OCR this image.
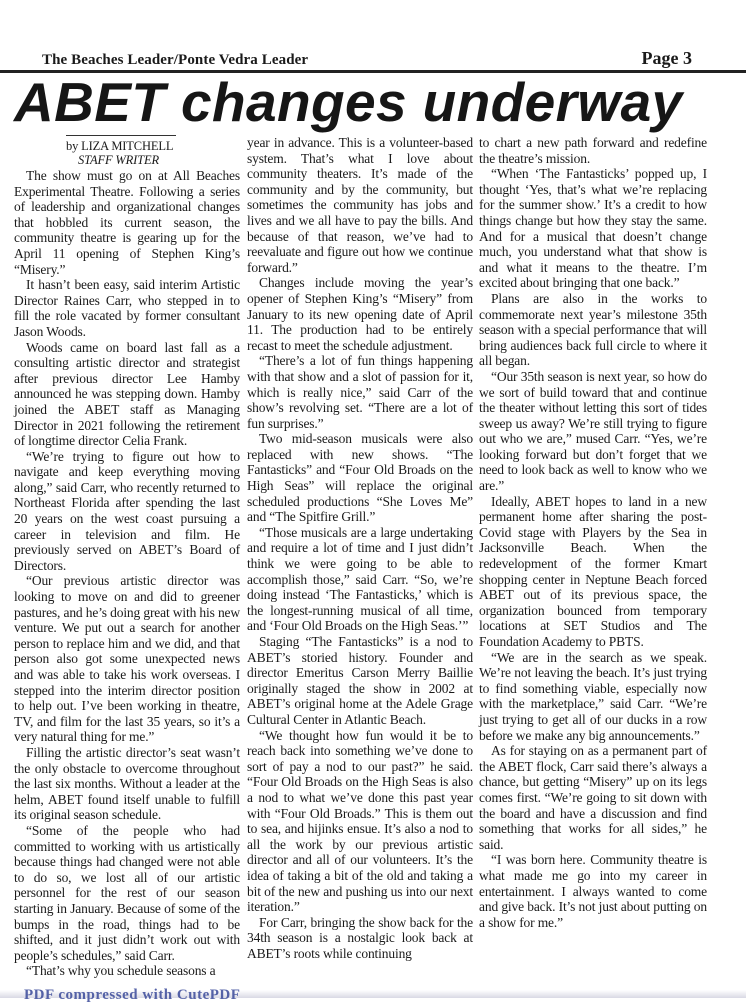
The Beaches Leader/Ponte Vedra Leader	Page 3
ABET changes underway
by LIZA MITCHELL
STAFF WRITER

The show must go on at All Beaches Experimental Theatre. Following a series of leadership and organizational changes that hobbled its current season, the community theatre is gearing up for the April 11 opening of Stephen King’s “Misery.”

It hasn’t been easy, said interim Artistic Director Raines Carr, who stepped in to fill the role vacated by former consultant Jason Woods.

Woods came on board last fall as a consulting artistic director and strategist after previous director Lee Hamby announced he was stepping down. Hamby joined the ABET staff as Managing Director in 2021 following the retirement of longtime director Celia Frank.

“We’re trying to figure out how to navigate and keep everything moving along,” said Carr, who recently returned to Northeast Florida after spending the last 20 years on the west coast pursuing a career in television and film. He previously served on ABET’s Board of Directors.

“Our previous artistic director was looking to move on and did to greener pastures, and he’s doing great with his new venture. We put out a search for another person to replace him and we did, and that person also got some unexpected news and was able to take his work overseas. I stepped into the interim director position to help out. I’ve been working in theatre, TV, and film for the last 35 years, so it’s a very natural thing for me.”

Filling the artistic director’s seat wasn’t the only obstacle to overcome throughout the last six months. Without a leader at the helm, ABET found itself unable to fulfill its original season schedule.

“Some of the people who had committed to working with us artistically because things had changed were not able to do so, we lost all of our artistic personnel for the rest of our season starting in January. Because of some of the bumps in the road, things had to be shifted, and it just didn’t work out with people’s schedules,” said Carr.

“That’s why you schedule seasons a

year in advance. This is a volunteer-based system. That’s what I love about community theaters. It’s made of the community and by the community, but sometimes the community has jobs and lives and we all have to pay the bills. And because of that reason, we’ve had to reevaluate and figure out how we continue forward.”

Changes include moving the year’s opener of Stephen King’s “Misery” from January to its new opening date of April 11. The production had to be entirely recast to meet the schedule adjustment.

“There’s a lot of fun things happening with that show and a slot of passion for it, which is really nice,” said Carr of the show’s revolving set. “There are a lot of fun surprises.”

Two mid-season musicals were also replaced with new shows. “The Fantasticks” and “Four Old Broads on the High Seas” will replace the original scheduled productions “She Loves Me” and “The Spitfire Grill.”

“Those musicals are a large undertaking and require a lot of time and I just didn’t think we were going to be able to accomplish those,” said Carr. “So, we’re doing instead ‘The Fantasticks,’ which is the longest-running musical of all time, and ‘Four Old Broads on the High Seas.’”

Staging “The Fantasticks” is a nod to ABET’s storied history. Founder and director Emeritus Carson Merry Baillie originally staged the show in 2002 at ABET’s original home at the Adele Grage Cultural Center in Atlantic Beach.

“We thought how fun would it be to reach back into something we’ve done to sort of pay a nod to our past?” he said. “Four Old Broads on the High Seas is also a nod to what we’ve done this past year with “Four Old Broads.” This is them out to sea, and hijinks ensue. It’s also a nod to all the work by our previous artistic director and all of our volunteers. It’s the idea of taking a bit of the old and taking a bit of the new and pushing us into our next iteration.”

For Carr, bringing the show back for the 34th season is a nostalgic look back at ABET’s roots while continuing

to chart a new path forward and redefine the theatre’s mission.

“When ‘The Fantasticks’ popped up, I thought ‘Yes, that’s what we’re replacing for the summer show.’ It’s a credit to how things change but how they stay the same. And for a musical that doesn’t change much, you understand what that show is and what it means to the theatre. I’m excited about bringing that one back.”

Plans are also in the works to commemorate next year’s milestone 35th season with a special performance that will bring audiences back full circle to where it all began.

“Our 35th season is next year, so how do we sort of build toward that and continue the theater without letting this sort of tides sweep us away? We’re still trying to figure out who we are,” mused Carr. “Yes, we’re looking forward but don’t forget that we need to look back as well to know who we are.”

Ideally, ABET hopes to land in a new permanent home after sharing the post-Covid stage with Players by the Sea in Jacksonville Beach. When the redevelopment of the former Kmart shopping center in Neptune Beach forced ABET out of its previous space, the organization bounced from temporary locations at SET Studios and The Foundation Academy to PBTS.

“We are in the search as we speak. We’re not leaving the beach. It’s just trying to find something viable, especially now with the marketplace,” said Carr. “We’re just trying to get all of our ducks in a row before we make any big announcements.”

As for staying on as a permanent part of the ABET flock, Carr said there’s always a chance, but getting “Misery” up on its legs comes first. “We’re going to sit down with the board and have a discussion and find something that works for all sides,” he said.

“I was born here. Community theatre is what made me go into my career in entertainment. I always wanted to come and give back. It’s not just about putting on a show for me.”

PDF compressed with CutePDF
